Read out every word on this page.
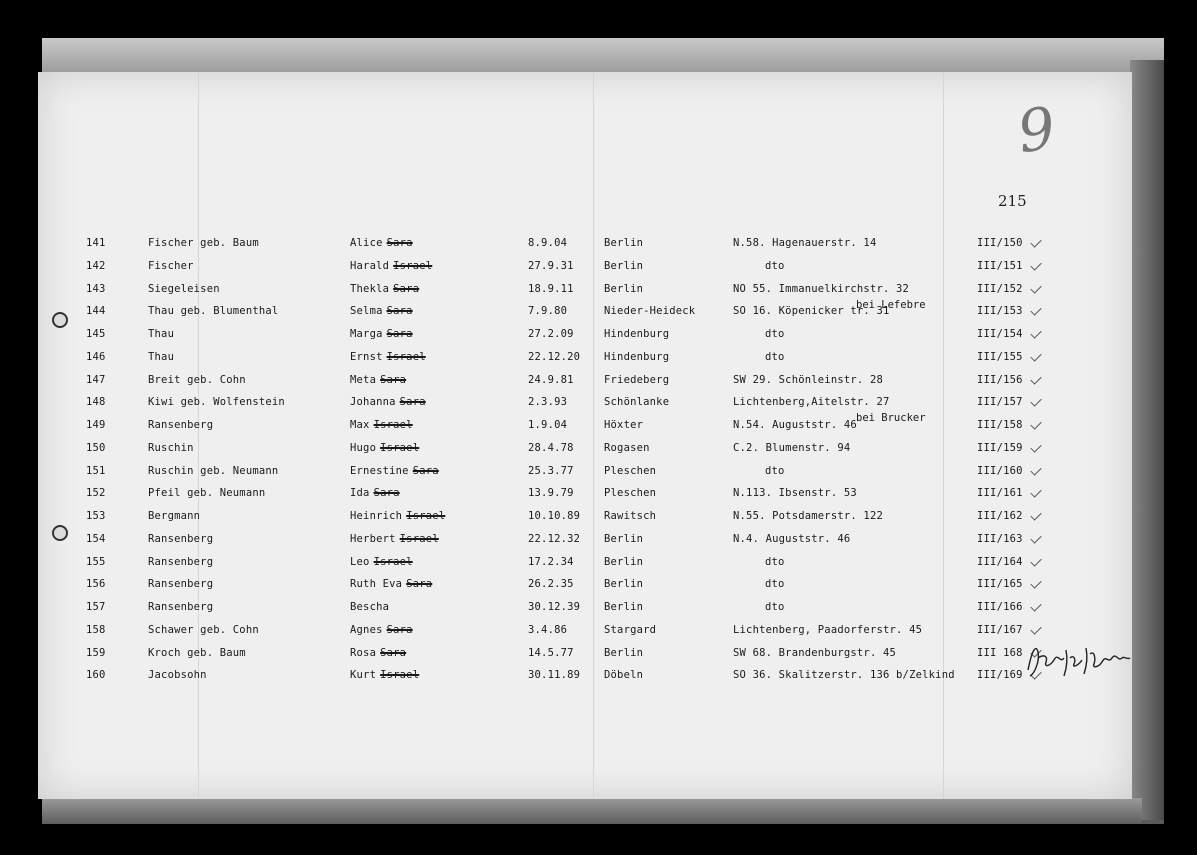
9
215
141	Fischer geb. Baum	Alice Sara	8.9.04	Berlin	N.58. Hagenauerstr. 14	III/150
142	Fischer	Harald Israel	27.9.31	Berlin	dto	III/151
143	Siegeleisen	Thekla Sara	18.9.11	Berlin	NO 55. Immanuelkirchstr. 32	III/152
144	Thau geb. Blumenthal	Selma Sara	7.9.80	Nieder-Heideck	SO 16. Köpenicker tr. 31	III/153
145	Thau	Marga Sara	27.2.09	Hindenburg	dto	III/154
146	Thau	Ernst Israel	22.12.20 Hindenburg	dto	III/155
147	Breit geb. Cohn	Meta Sara	24.9.81	Friedeberg	SW 29. Schönleinstr. 28	III/156
148	Kiwi geb. Wolfenstein	Johanna Sara	2.3.93	Schönlanke	Lichtenberg,Aitelstr. 27	III/157
149	Ransenberg	Max Israel	1.9.04	Höxter	N.54. Auguststr. 46	III/158
150	Ruschin	Hugo Israel	28.4.78	Rogasen	C.2. Blumenstr. 94	III/159
151	Ruschin geb. Neumann	Ernestine Sara	25.3.77	Pleschen	dto	III/160
152	Pfeil geb. Neumann	Ida Sara	13.9.79	Pleschen	N.113. Ibsenstr. 53	III/161
153	Bergmann	Heinrich Israel	10.10.89 Rawitsch	N.55. Potsdamerstr. 122	III/162
154	Ransenberg	Herbert Israel	22.12.32 Berlin	N.4. Auguststr. 46	III/163
155	Ransenberg	Leo Israel	17.2.34	Berlin	dto	III/164
156	Ransenberg	Ruth Eva Sara	26.2.35	Berlin	dto	III/165
157	Ransenberg	Bescha	30.12.39 Berlin	dto	III/166
158	Schawer geb. Cohn	Agnes Sara	3.4.86	Stargard	Lichtenberg, Paadorferstr. 45	III/167
159	Kroch geb. Baum	Rosa Sara	14.5.77	Berlin	SW 68. Brandenburgstr. 45	III 168
160	Jacobsohn	Kurt Israel	30.11.89 Döbeln	SO 36. Skalitzerstr. 136 b/Zelkind III/169
bei Lefebre
bei Brucker
